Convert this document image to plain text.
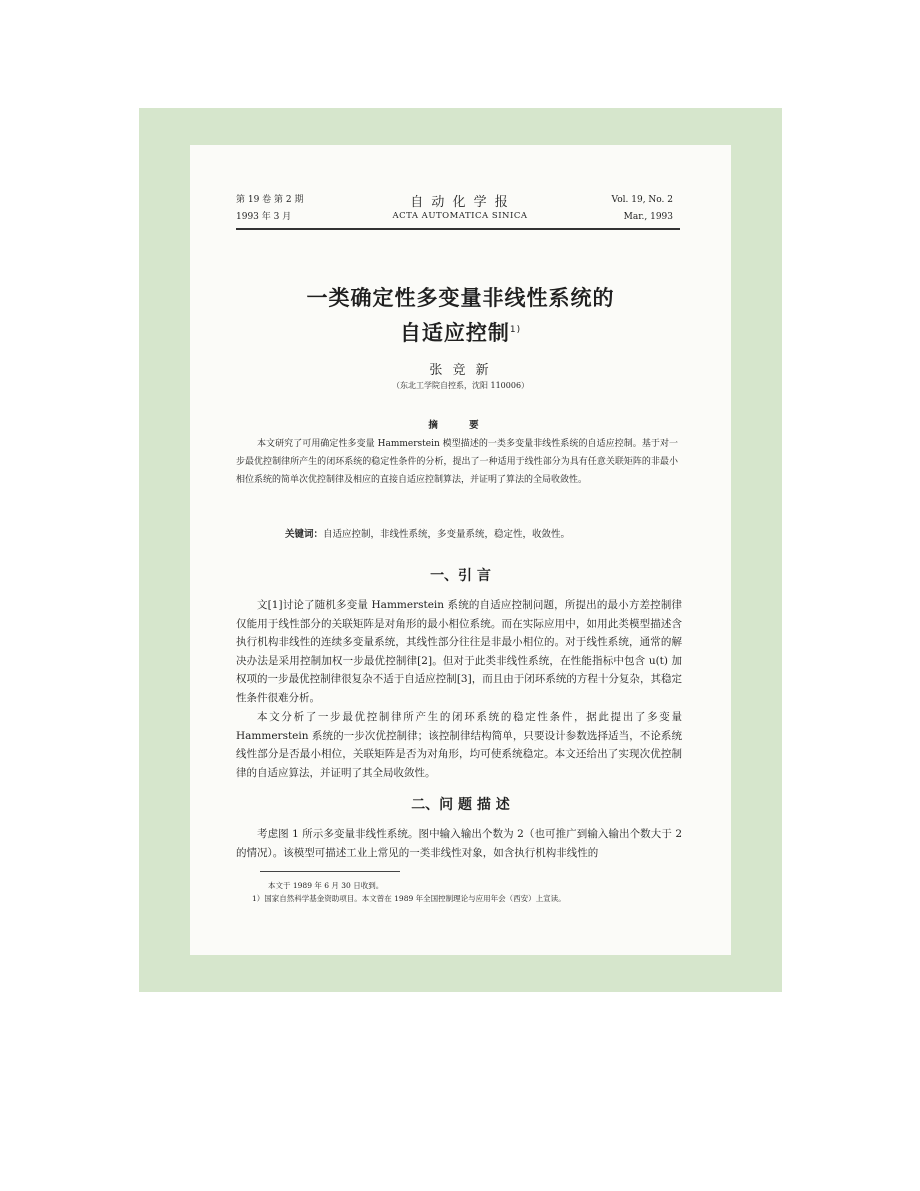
第 19 卷 第 2 期
1993 年 3 月
自 动 化 学 报
ACTA AUTOMATICA SINICA
Vol. 19, No. 2
Mar., 1993
一类确定性多变量非线性系统的
自适应控制$^{1)}$
张 竞 新
（东北工学院自控系，沈阳 110006）
摘 要
本文研究了可用确定性多变量 Hammerstein 模型描述的一类多变量非线性系统的自适应控制。基于对一步最优控制律所产生的闭环系统的稳定性条件的分析，提出了一种适用于线性部分为具有任意关联矩阵的非最小相位系统的简单次优控制律及相应的直接自适应控制算法，并证明了算法的全局收敛性。
关键词：自适应控制，非线性系统，多变量系统，稳定性，收敛性。
一、引 言
文[1]讨论了随机多变量 Hammerstein 系统的自适应控制问题，所提出的最小方差控制律仅能用于线性部分的关联矩阵是对角形的最小相位系统。而在实际应用中，如用此类模型描述含执行机构非线性的连续多变量系统，其线性部分往往是非最小相位的。对于线性系统，通常的解决办法是采用控制加权一步最优控制律[2]。但对于此类非线性系统，在性能指标中包含 u(t) 加权项的一步最优控制律很复杂不适于自适应控制[3]，而且由于闭环系统的方程十分复杂，其稳定性条件很难分析。
本文分析了一步最优控制律所产生的闭环系统的稳定性条件，据此提出了多变量 Hammerstein 系统的一步次优控制律；该控制律结构简单，只要设计参数选择适当，不论系统线性部分是否最小相位，关联矩阵是否为对角形，均可使系统稳定。本文还给出了实现次优控制律的自适应算法，并证明了其全局收敛性。
二、问 题 描 述
考虑图 1 所示多变量非线性系统。图中输入输出个数为 2（也可推广到输入输出个数大于 2 的情况）。该模型可描述工业上常见的一类非线性对象，如含执行机构非线性的
本文于 1989 年 6 月 30 日收到。
1）国家自然科学基金资助项目。本文曾在 1989 年全国控制理论与应用年会（西安）上宣读。
